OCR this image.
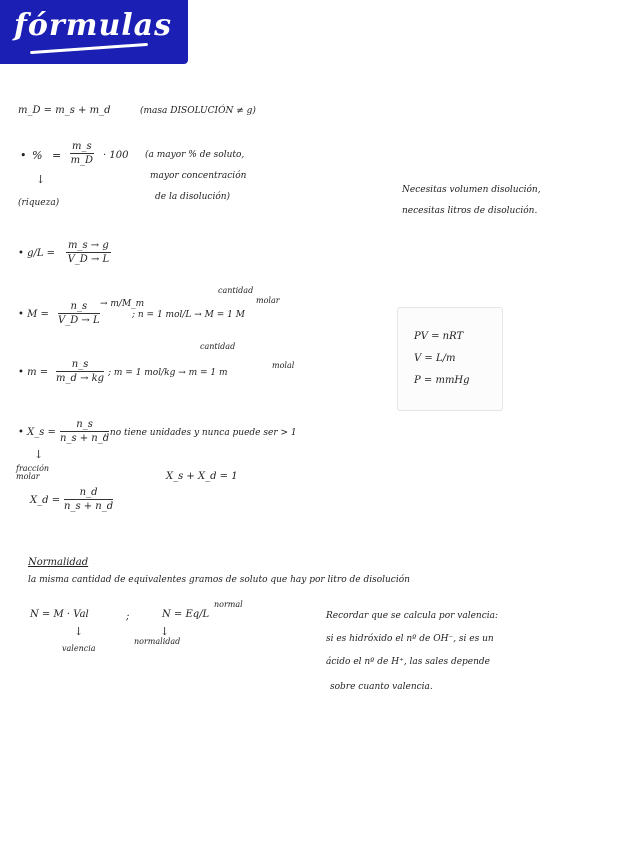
fórmulas
m_D = m_s + m_d	(masa DISOLUCIÓN ≠ g)
• % = $\frac{m\_s}{m\_D} \cdot 100$ (a mayor % de soluto,
mayor concentración
de la disolución)
↓
(riqueza)
Necesitas volumen disolución,
necesitas litros de disolución.
• $g/L = \frac{m\_s \to g}{V\_D \to L}$
• $M = \frac{n\_s}{V\_D \to L}$ → m/M_m
; n = 1 mol/L → M = 1 M
cantidad
molar
PV = nRT
V = L/m
P = mmHg
• $m = \frac{n\_s}{m\_d \to kg}$ ; m = 1 mol/kg → m = 1 m
cantidad
molal
• X_s = $\frac{n\_s}{n\_s + n\_d}$
; no tiene unidades y nunca puede ser > 1
↓
fracción molar
X_d = $\frac{n\_d}{n\_s + n\_d}$
X_s + X_d = 1
Normalidad
la misma cantidad de equivalentes gramos de soluto que hay por litro de disolución
N = M · Val
↓
valencia
;	N = Eq/L
normal
↓
normalidad
Recordar que se calcula por valencia:
si es hidróxido el nº de OH⁻, si es un
ácido el nº de H⁺, las sales depende
sobre cuanto valencia.
